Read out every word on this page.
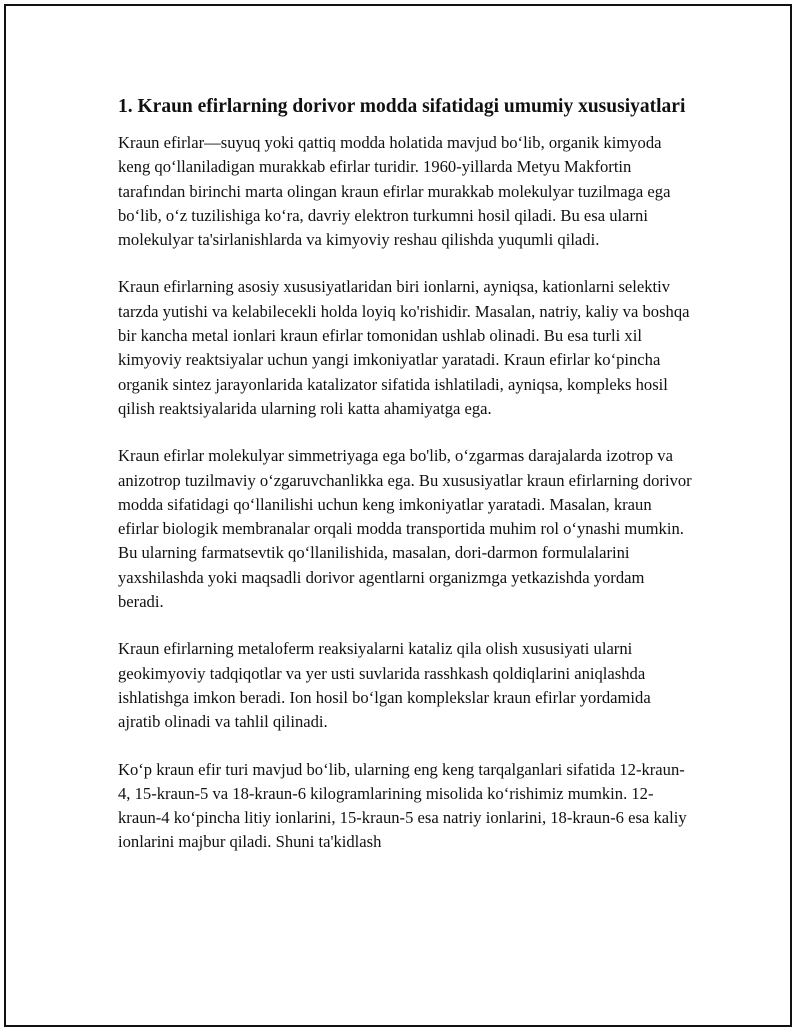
1. Kraun efirlarning dorivor modda sifatidagi umumiy xususiyatlari

Kraun efirlar—suyuq yoki qattiq modda holatida mavjud bo‘lib, organik kimyoda keng qo‘llaniladigan murakkab efirlar turidir. 1960-yillarda Metyu Makfortin tarafından birinchi marta olingan kraun efirlar murakkab molekulyar tuzilmaga ega bo‘lib, o‘z tuzilishiga ko‘ra, davriy elektron turkumni hosil qiladi. Bu esa ularni molekulyar ta'sirlanishlarda va kimyoviy reshau qilishda yuqumli qiladi.

Kraun efirlarning asosiy xususiyatlaridan biri ionlarni, ayniqsa, kationlarni selektiv tarzda yutishi va kelabilecekli holda loyiq ko'rishidir. Masalan, natriy, kaliy va boshqa bir kancha metal ionlari kraun efirlar tomonidan ushlab olinadi. Bu esa turli xil kimyoviy reaktsiyalar uchun yangi imkoniyatlar yaratadi. Kraun efirlar ko‘pincha organik sintez jarayonlarida katalizator sifatida ishlatiladi, ayniqsa, kompleks hosil qilish reaktsiyalarida ularning roli katta ahamiyatga ega.

Kraun efirlar molekulyar simmetriyaga ega bo'lib, o‘zgarmas darajalarda izotrop va anizotrop tuzilmaviy o‘zgaruvchanlikka ega. Bu xususiyatlar kraun efirlarning dorivor modda sifatidagi qo‘llanilishi uchun keng imkoniyatlar yaratadi. Masalan, kraun efirlar biologik membranalar orqali modda transportida muhim rol o‘ynashi mumkin. Bu ularning farmatsevtik qo‘llanilishida, masalan, dori-darmon formulalarini yaxshilashda yoki maqsadli dorivor agentlarni organizmga yetkazishda yordam beradi.

Kraun efirlarning metaloferm reaksiyalarni kataliz qila olish xususiyati ularni geokimyoviy tadqiqotlar va yer usti suvlarida rasshkash qoldiqlarini aniqlashda ishlatishga imkon beradi. Ion hosil bo‘lgan komplekslar kraun efirlar yordamida ajratib olinadi va tahlil qilinadi.

Ko‘p kraun efir turi mavjud bo‘lib, ularning eng keng tarqalganlari sifatida 12-kraun-4, 15-kraun-5 va 18-kraun-6 kilogramlarining misolida ko‘rishimiz mumkin. 12-kraun-4 ko‘pincha litiy ionlarini, 15-kraun-5 esa natriy ionlarini, 18-kraun-6 esa kaliy ionlarini majbur qiladi. Shuni ta'kidlash
